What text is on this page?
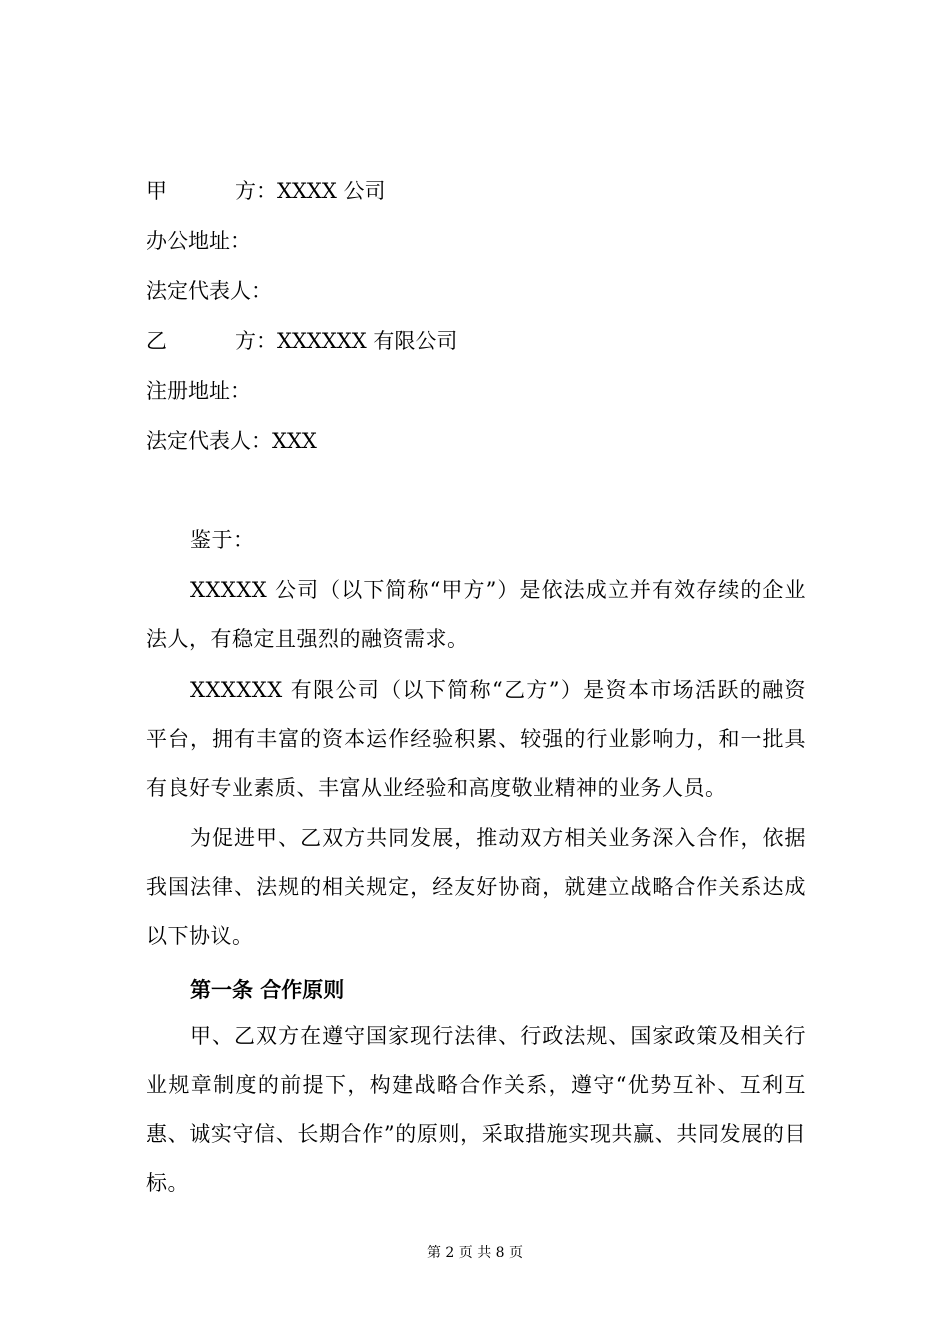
甲	方：XXXX 公司
办公地址：
法定代表人：
乙	方：XXXXXX 有限公司
注册地址：
法定代表人：XXX
鉴于：
XXXXX 公司（以下简称“甲方”）是依法成立并有效存续的企业法人，有稳定且强烈的融资需求。
XXXXXX 有限公司（以下简称“乙方”）是资本市场活跃的融资平台，拥有丰富的资本运作经验积累、较强的行业影响力，和一批具有良好专业素质、丰富从业经验和高度敬业精神的业务人员。
为促进甲、乙双方共同发展，推动双方相关业务深入合作，依据我国法律、法规的相关规定，经友好协商，就建立战略合作关系达成以下协议。
第一条 合作原则
甲、乙双方在遵守国家现行法律、行政法规、国家政策及相关行业规章制度的前提下，构建战略合作关系，遵守“优势互补、互利互惠、诚实守信、长期合作”的原则，采取措施实现共赢、共同发展的目标。
第 2 页 共 8 页
